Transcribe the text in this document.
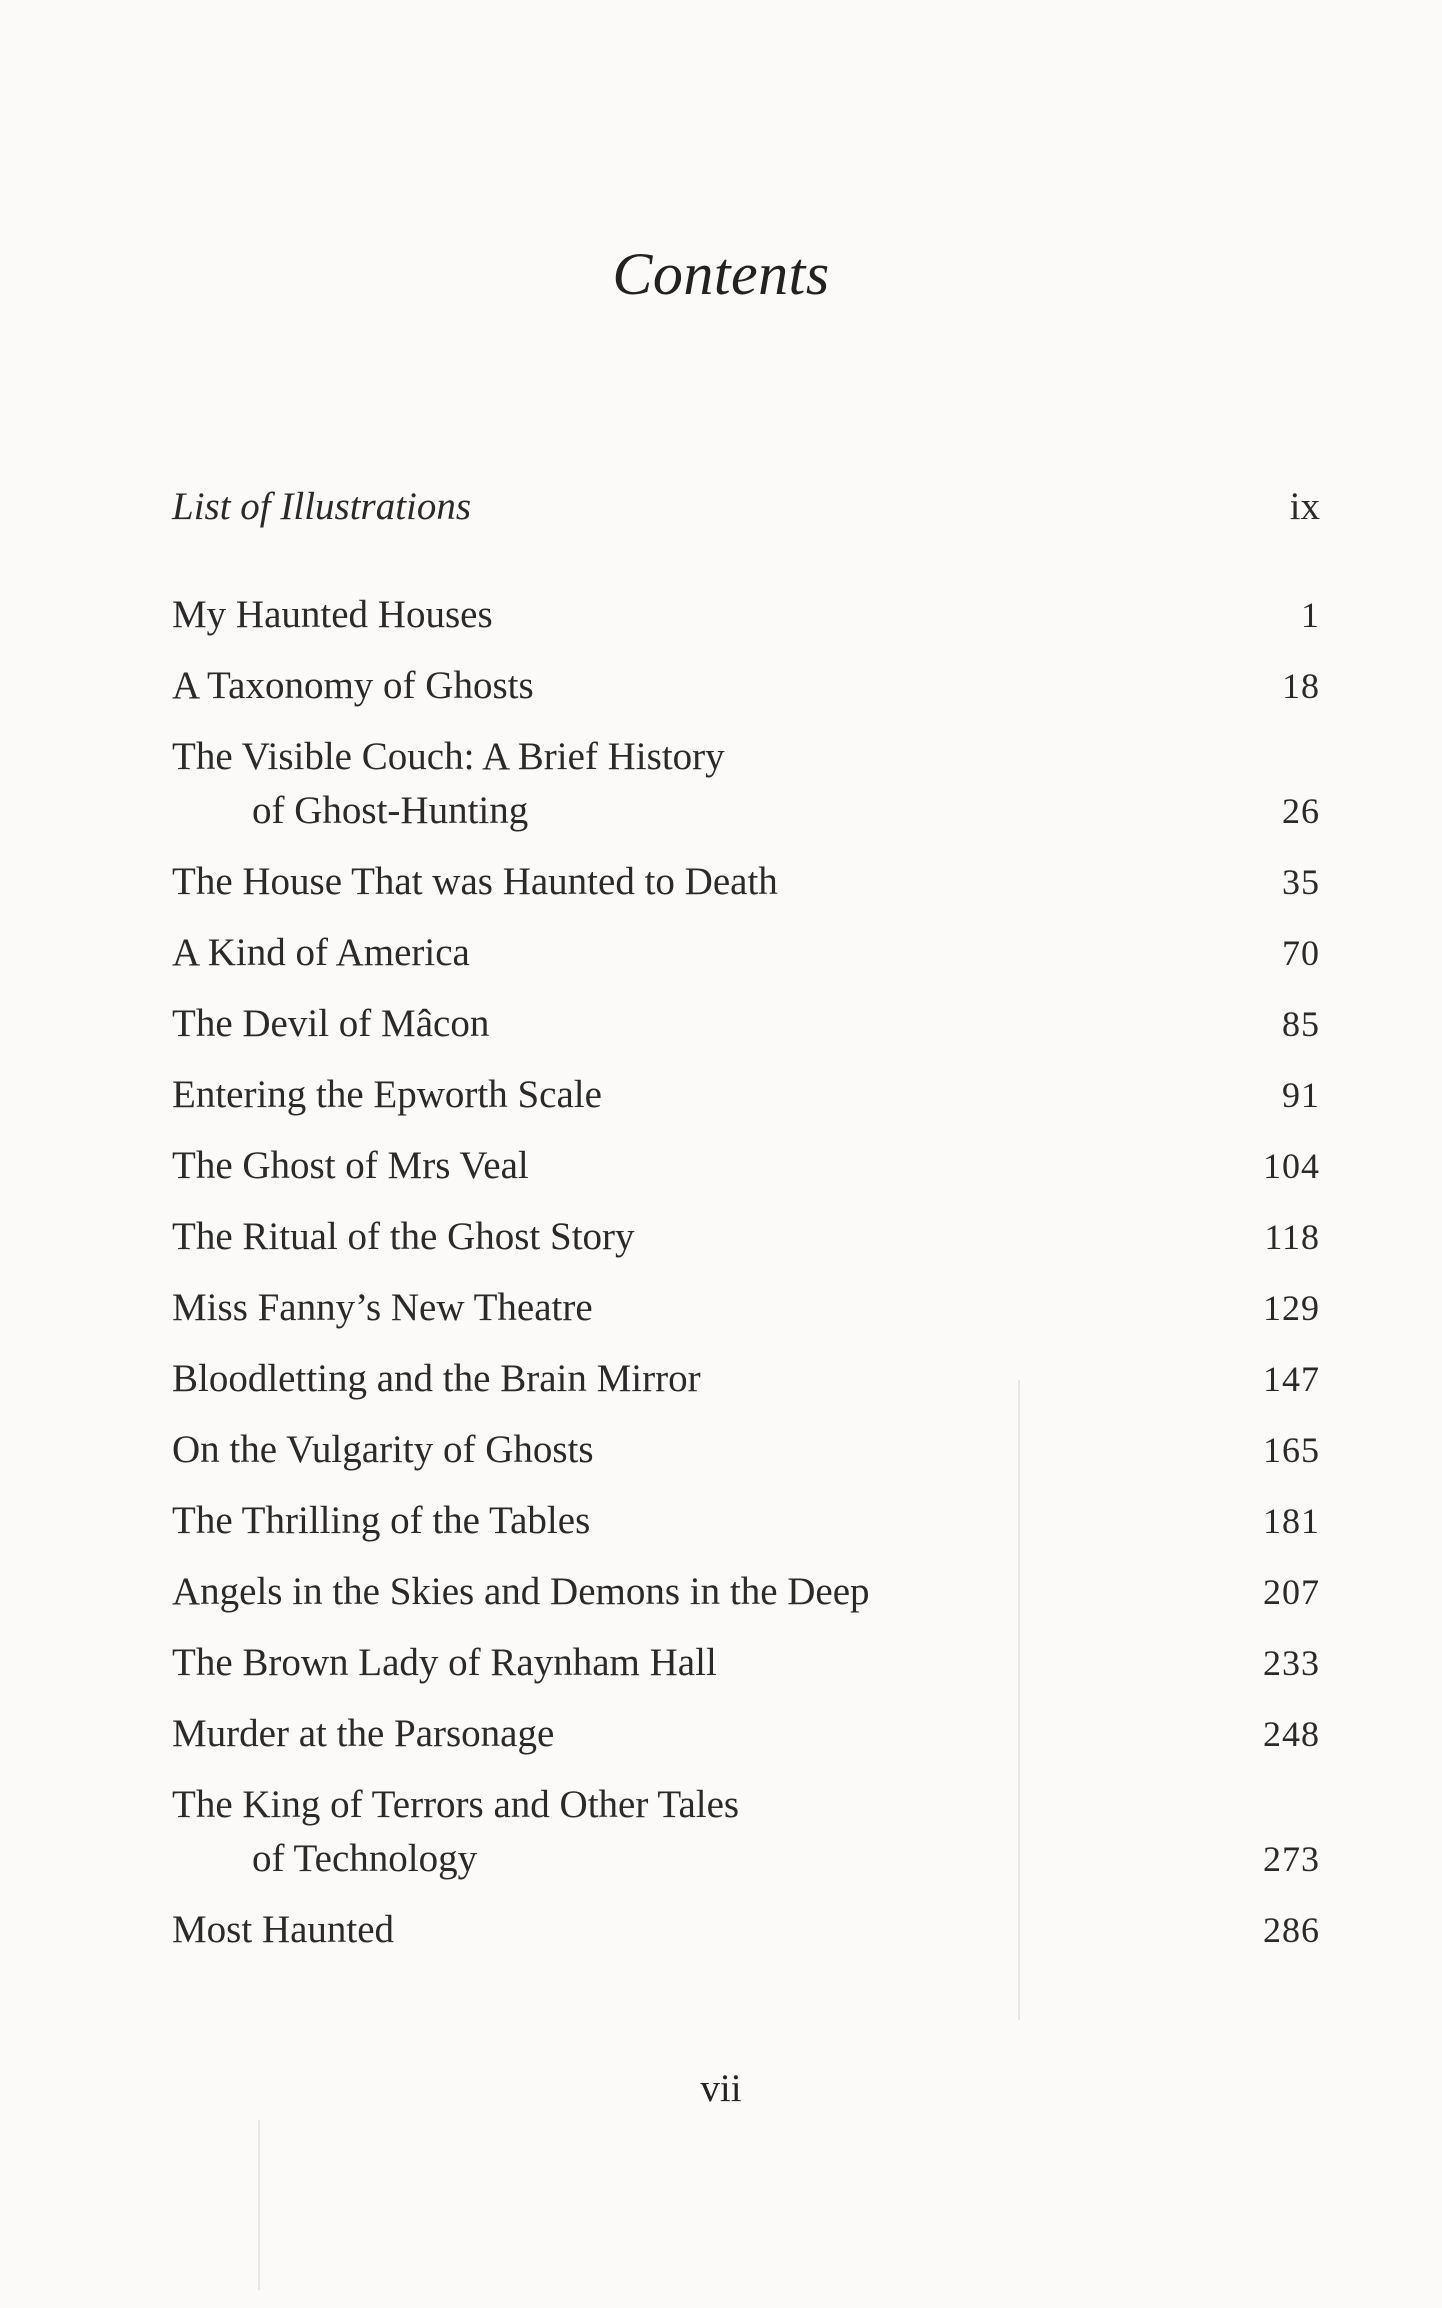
Contents
List of Illustrations	ix
My Haunted Houses	1
A Taxonomy of Ghosts	18
The Visible Couch: A Brief History
of Ghost-Hunting	26
The House That was Haunted to Death	35
A Kind of America	70
The Devil of Mâcon	85
Entering the Epworth Scale	91
The Ghost of Mrs Veal	104
The Ritual of the Ghost Story	118
Miss Fanny’s New Theatre	129
Bloodletting and the Brain Mirror	147
On the Vulgarity of Ghosts	165
The Thrilling of the Tables	181
Angels in the Skies and Demons in the Deep	207
The Brown Lady of Raynham Hall	233
Murder at the Parsonage	248
The King of Terrors and Other Tales
of Technology	273
Most Haunted	286
vii
